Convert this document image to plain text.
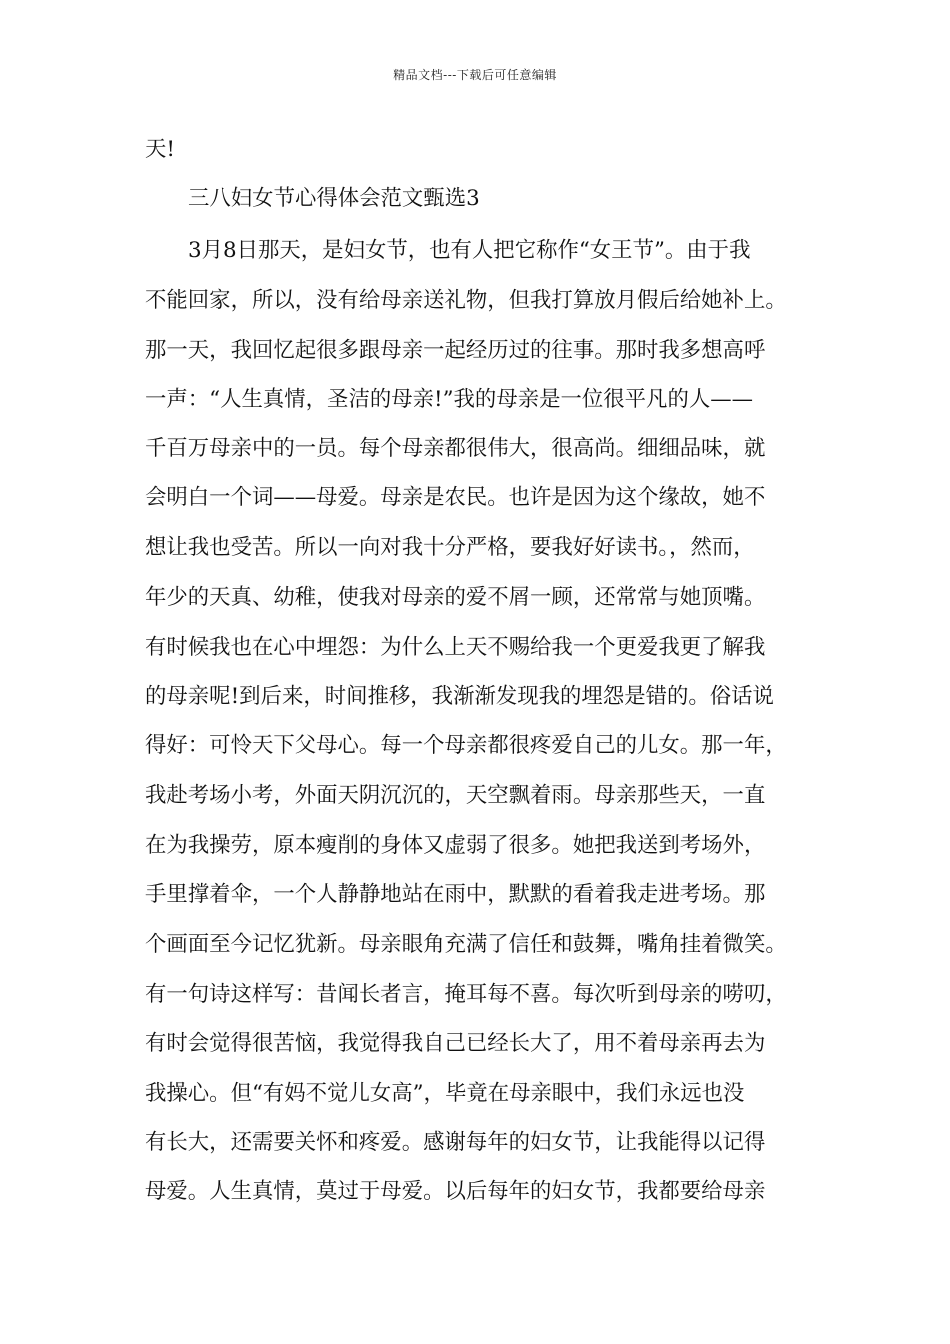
精品文档---下载后可任意编辑
天!
三八妇女节心得体会范文甄选3
3月8日那天，是妇女节，也有人把它称作“女王节”。由于我
不能回家，所以，没有给母亲送礼物，但我打算放月假后给她补上。
那一天，我回忆起很多跟母亲一起经历过的往事。那时我多想高呼
一声：“人生真情，圣洁的母亲!”我的母亲是一位很平凡的人——
千百万母亲中的一员。每个母亲都很伟大，很高尚。细细品味，就
会明白一个词——母爱。母亲是农民。也许是因为这个缘故，她不
想让我也受苦。所以一向对我十分严格，要我好好读书。，然而，
年少的天真、幼稚，使我对母亲的爱不屑一顾，还常常与她顶嘴。
有时候我也在心中埋怨：为什么上天不赐给我一个更爱我更了解我
的母亲呢!到后来，时间推移，我渐渐发现我的埋怨是错的。俗话说
得好：可怜天下父母心。每一个母亲都很疼爱自己的儿女。那一年，
我赴考场小考，外面天阴沉沉的，天空飘着雨。母亲那些天，一直
在为我操劳，原本瘦削的身体又虚弱了很多。她把我送到考场外，
手里撑着伞，一个人静静地站在雨中，默默的看着我走进考场。那
个画面至今记忆犹新。母亲眼角充满了信任和鼓舞，嘴角挂着微笑。
有一句诗这样写：昔闻长者言，掩耳每不喜。每次听到母亲的唠叨，
有时会觉得很苦恼，我觉得我自己已经长大了，用不着母亲再去为
我操心。但“有妈不觉儿女高”，毕竟在母亲眼中，我们永远也没
有长大，还需要关怀和疼爱。感谢每年的妇女节，让我能得以记得
母爱。人生真情，莫过于母爱。以后每年的妇女节，我都要给母亲
